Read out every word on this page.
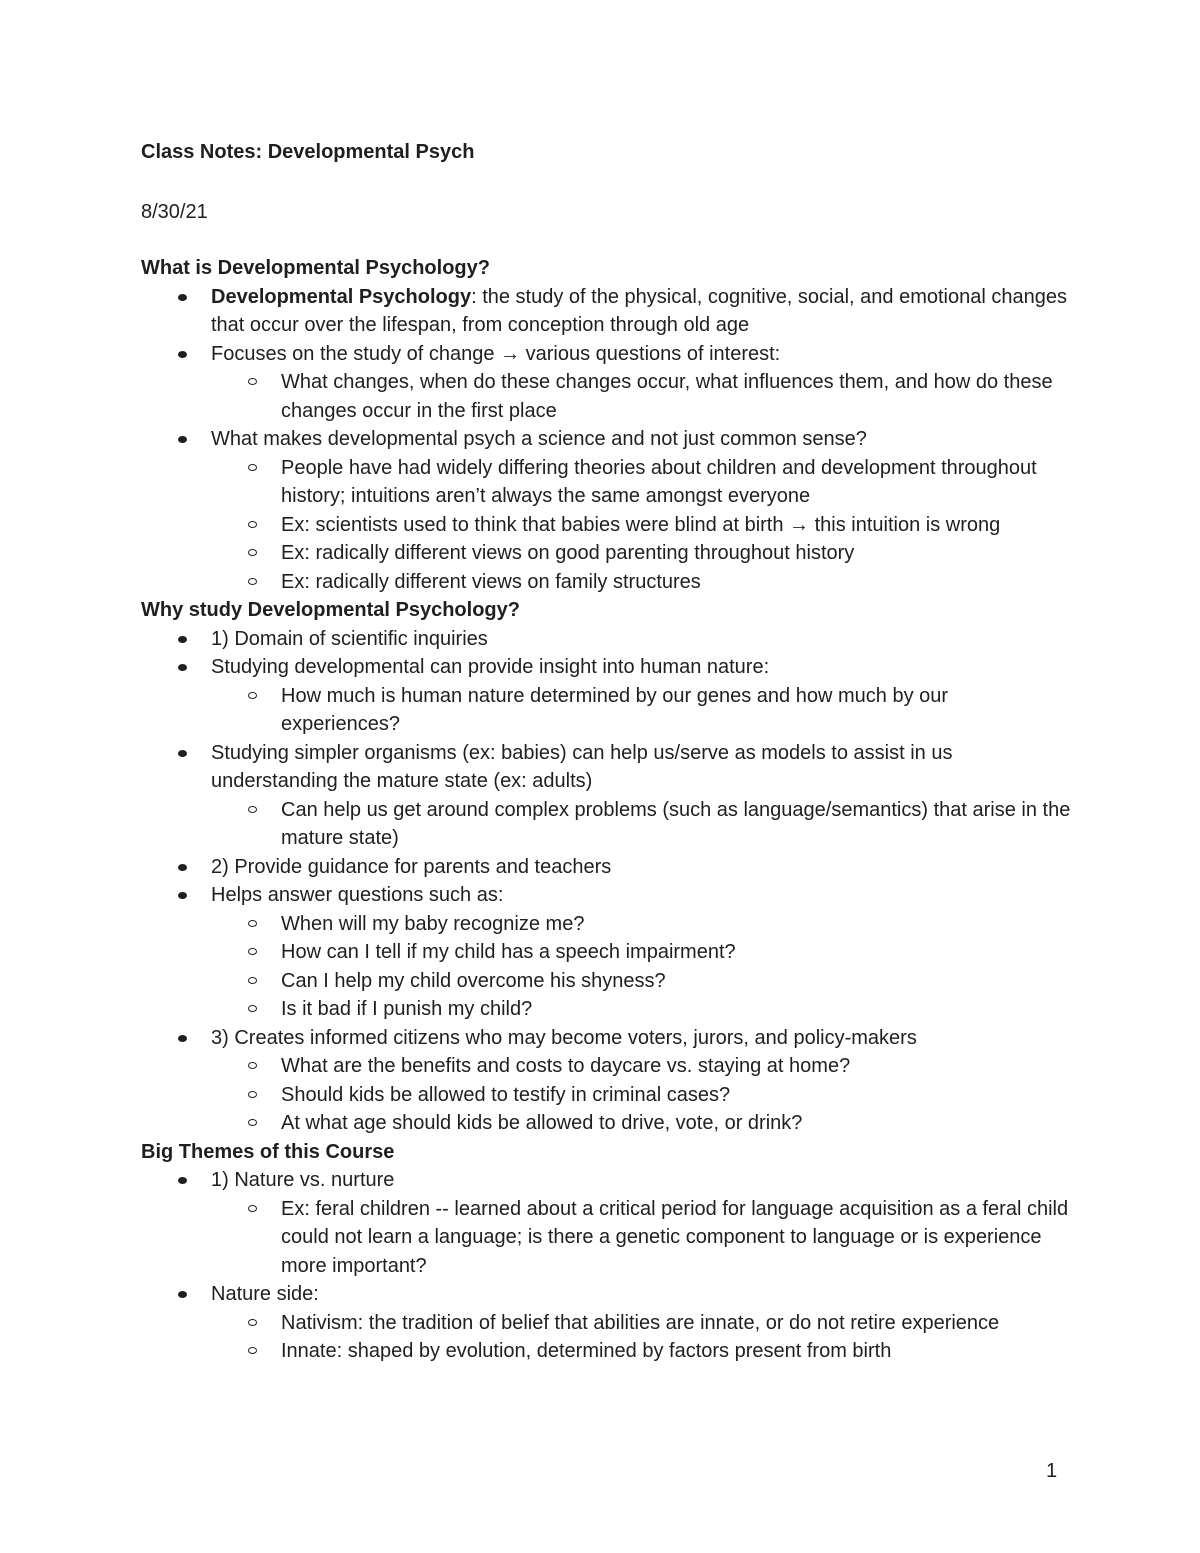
Class Notes: Developmental Psych

8/30/21

What is Developmental Psychology?

Developmental Psychology: the study of the physical, cognitive, social, and emotional changes that occur over the lifespan, from conception through old age
Focuses on the study of change → various questions of interest:
What changes, when do these changes occur, what influences them, and how do these changes occur in the first place
What makes developmental psych a science and not just common sense?
People have had widely differing theories about children and development throughout history; intuitions aren’t always the same amongst everyone
Ex: scientists used to think that babies were blind at birth → this intuition is wrong
Ex: radically different views on good parenting throughout history
Ex: radically different views on family structures

Why study Developmental Psychology?

1) Domain of scientific inquiries
Studying developmental can provide insight into human nature:
How much is human nature determined by our genes and how much by our experiences?
Studying simpler organisms (ex: babies) can help us/serve as models to assist in us understanding the mature state (ex: adults)
Can help us get around complex problems (such as language/semantics) that arise in the mature state)
2) Provide guidance for parents and teachers
Helps answer questions such as:
When will my baby recognize me?
How can I tell if my child has a speech impairment?
Can I help my child overcome his shyness?
Is it bad if I punish my child?
3) Creates informed citizens who may become voters, jurors, and policy-makers
What are the benefits and costs to daycare vs. staying at home?
Should kids be allowed to testify in criminal cases?
At what age should kids be allowed to drive, vote, or drink?

Big Themes of this Course

1) Nature vs. nurture
Ex: feral children -- learned about a critical period for language acquisition as a feral child could not learn a language; is there a genetic component to language or is experience more important?
Nature side:
Nativism: the tradition of belief that abilities are innate, or do not retire experience
Innate: shaped by evolution, determined by factors present from birth
1
